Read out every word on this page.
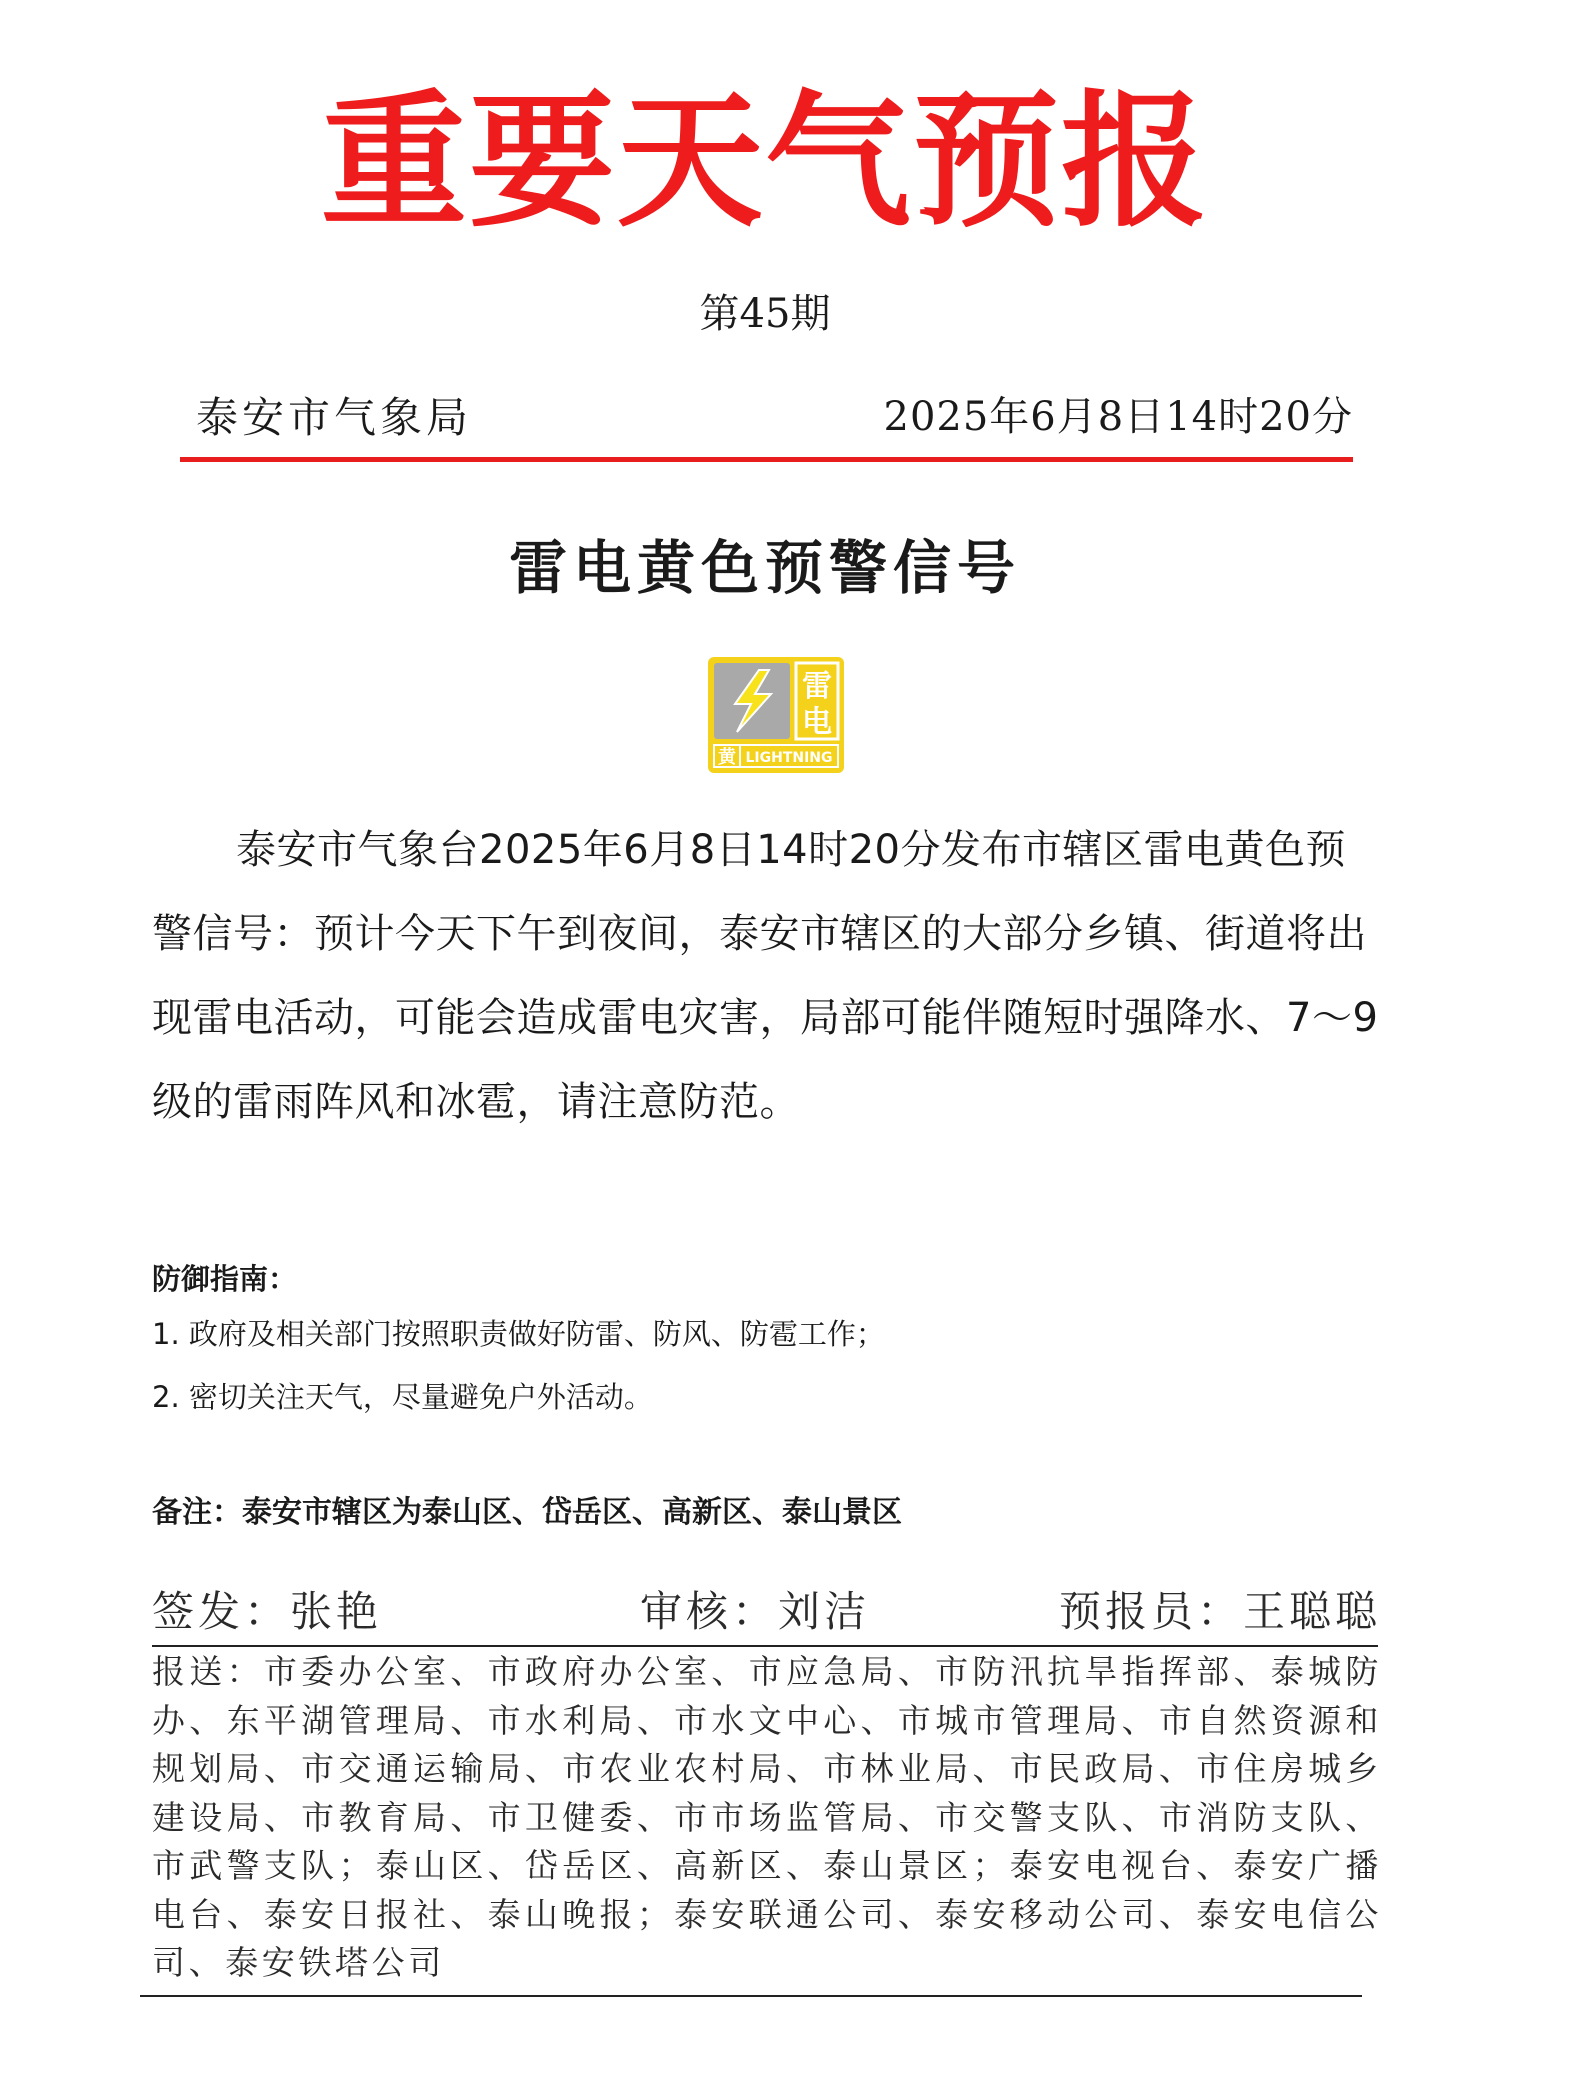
重要天气预报
第45期
泰安市气象局	2025年6月8日14时20分
雷电黄色预警信号
雷
电
黄 LIGHTNING

泰安市气象台2025年6月8日14时20分发布市辖区雷电黄色预警信号：预计今天下午到夜间，泰安市辖区的大部分乡镇、街道将出现雷电活动，可能会造成雷电灾害，局部可能伴随短时强降水、7～9级的雷雨阵风和冰雹，请注意防范。

防御指南：
1. 政府及相关部门按照职责做好防雷、防风、防雹工作；
2. 密切关注天气，尽量避免户外活动。
备注：泰安市辖区为泰山区、岱岳区、高新区、泰山景区
签发：张艳	审核：刘洁	预报员：王聪聪

报送：市委办公室、市政府办公室、市应急局、市防汛抗旱指挥部、泰城防办、东平湖管理局、市水利局、市水文中心、市城市管理局、市自然资源和规划局、市交通运输局、市农业农村局、市林业局、市民政局、市住房城乡建设局、市教育局、市卫健委、市市场监管局、市交警支队、市消防支队、市武警支队；泰山区、岱岳区、高新区、泰山景区；泰安电视台、泰安广播电台、泰安日报社、泰山晚报；泰安联通公司、泰安移动公司、泰安电信公司、泰安铁塔公司
